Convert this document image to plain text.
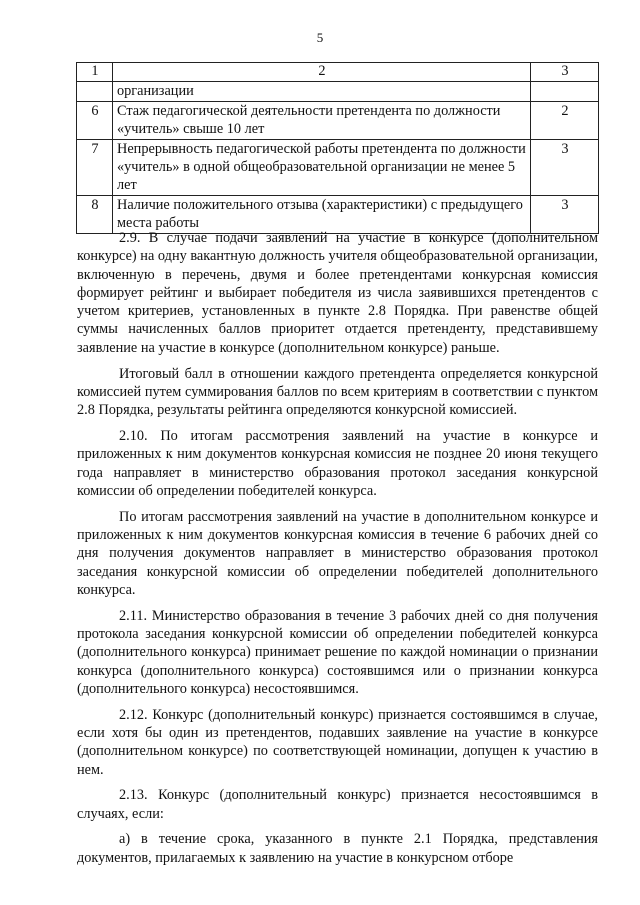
5
1	2	3
	организации	
6	Стаж педагогической деятельности претендента по должности «учитель» свыше 10 лет	2
7	Непрерывность педагогической работы претендента по должности «учитель» в одной общеобразовательной организации не менее 5 лет	3
8	Наличие положительного отзыва (характеристики) с предыдущего места работы	3

2.9. В случае подачи заявлений на участие в конкурсе (дополнительном конкурсе) на одну вакантную должность учителя общеобразовательной организации, включенную в перечень, двумя и более претендентами конкурсная комиссия формирует рейтинг и выбирает победителя из числа заявившихся претендентов с учетом критериев, установленных в пункте 2.8 Порядка. При равенстве общей суммы начисленных баллов приоритет отдается претенденту, представившему заявление на участие в конкурсе (дополнительном конкурсе) раньше.

Итоговый балл в отношении каждого претендента определяется конкурсной комиссией путем суммирования баллов по всем критериям в соответствии с пунктом 2.8 Порядка, результаты рейтинга определяются конкурсной комиссией.

2.10. По итогам рассмотрения заявлений на участие в конкурсе и приложенных к ним документов конкурсная комиссия не позднее 20 июня текущего года направляет в министерство образования протокол заседания конкурсной комиссии об определении победителей конкурса.

По итогам рассмотрения заявлений на участие в дополнительном конкурсе и приложенных к ним документов конкурсная комиссия в течение 6 рабочих дней со дня получения документов направляет в министерство образования протокол заседания конкурсной комиссии об определении победителей дополнительного конкурса.

2.11. Министерство образования в течение 3 рабочих дней со дня получения протокола заседания конкурсной комиссии об определении победителей конкурса (дополнительного конкурса) принимает решение по каждой номинации о признании конкурса (дополнительного конкурса) состоявшимся или о признании конкурса (дополнительного конкурса) несостоявшимся.

2.12. Конкурс (дополнительный конкурс) признается состоявшимся в случае, если хотя бы один из претендентов, подавших заявление на участие в конкурсе (дополнительном конкурсе) по соответствующей номинации, допущен к участию в нем.

2.13. Конкурс (дополнительный конкурс) признается несостоявшимся в случаях, если:

а) в течение срока, указанного в пункте 2.1 Порядка, представления документов, прилагаемых к заявлению на участие в конкурсном отборе
